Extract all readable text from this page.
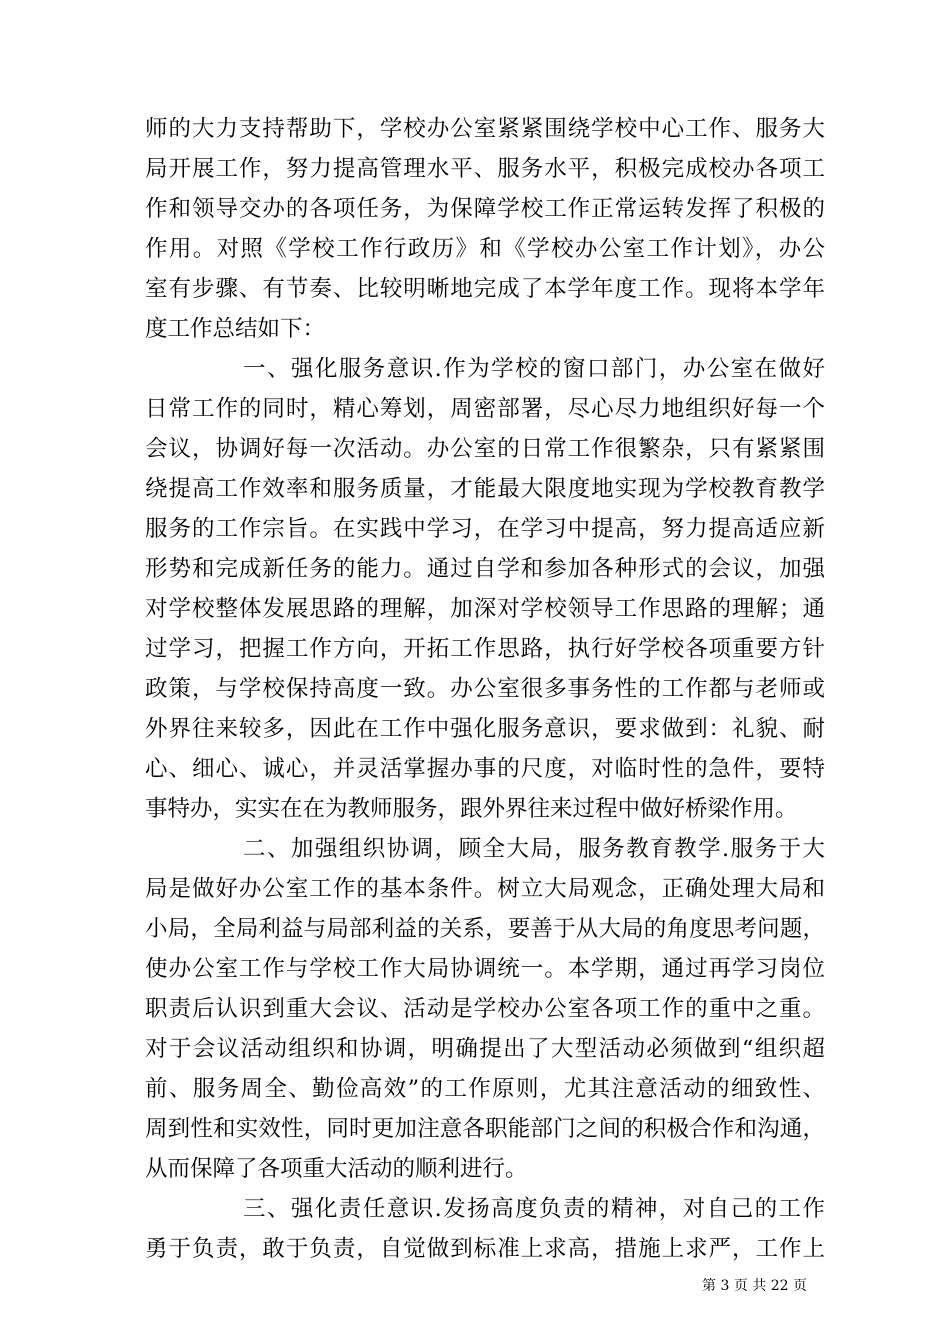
师的大力支持帮助下，学校办公室紧紧围绕学校中心工作、服务大
局开展工作，努力提高管理水平、服务水平，积极完成校办各项工
作和领导交办的各项任务，为保障学校工作正常运转发挥了积极的
作用。对照《学校工作行政历》和《学校办公室工作计划》，办公
室有步骤、有节奏、比较明晰地完成了本学年度工作。现将本学年
度工作总结如下：
一、强化服务意识.作为学校的窗口部门，办公室在做好
日常工作的同时，精心筹划，周密部署，尽心尽力地组织好每一个
会议，协调好每一次活动。办公室的日常工作很繁杂，只有紧紧围
绕提高工作效率和服务质量，才能最大限度地实现为学校教育教学
服务的工作宗旨。在实践中学习，在学习中提高，努力提高适应新
形势和完成新任务的能力。通过自学和参加各种形式的会议，加强
对学校整体发展思路的理解，加深对学校领导工作思路的理解；通
过学习，把握工作方向，开拓工作思路，执行好学校各项重要方针
政策，与学校保持高度一致。办公室很多事务性的工作都与老师或
外界往来较多，因此在工作中强化服务意识，要求做到：礼貌、耐
心、细心、诚心，并灵活掌握办事的尺度，对临时性的急件，要特
事特办，实实在在为教师服务，跟外界往来过程中做好桥梁作用。
二、加强组织协调，顾全大局，服务教育教学.服务于大
局是做好办公室工作的基本条件。树立大局观念，正确处理大局和
小局，全局利益与局部利益的关系，要善于从大局的角度思考问题，
使办公室工作与学校工作大局协调统一。本学期，通过再学习岗位
职责后认识到重大会议、活动是学校办公室各项工作的重中之重。
对于会议活动组织和协调，明确提出了大型活动必须做到“组织超
前、服务周全、勤俭高效”的工作原则，尤其注意活动的细致性、
周到性和实效性，同时更加注意各职能部门之间的积极合作和沟通，
从而保障了各项重大活动的顺利进行。
三、强化责任意识.发扬高度负责的精神，对自己的工作
勇于负责，敢于负责，自觉做到标准上求高，措施上求严，工作上
第 3 页 共 22 页
